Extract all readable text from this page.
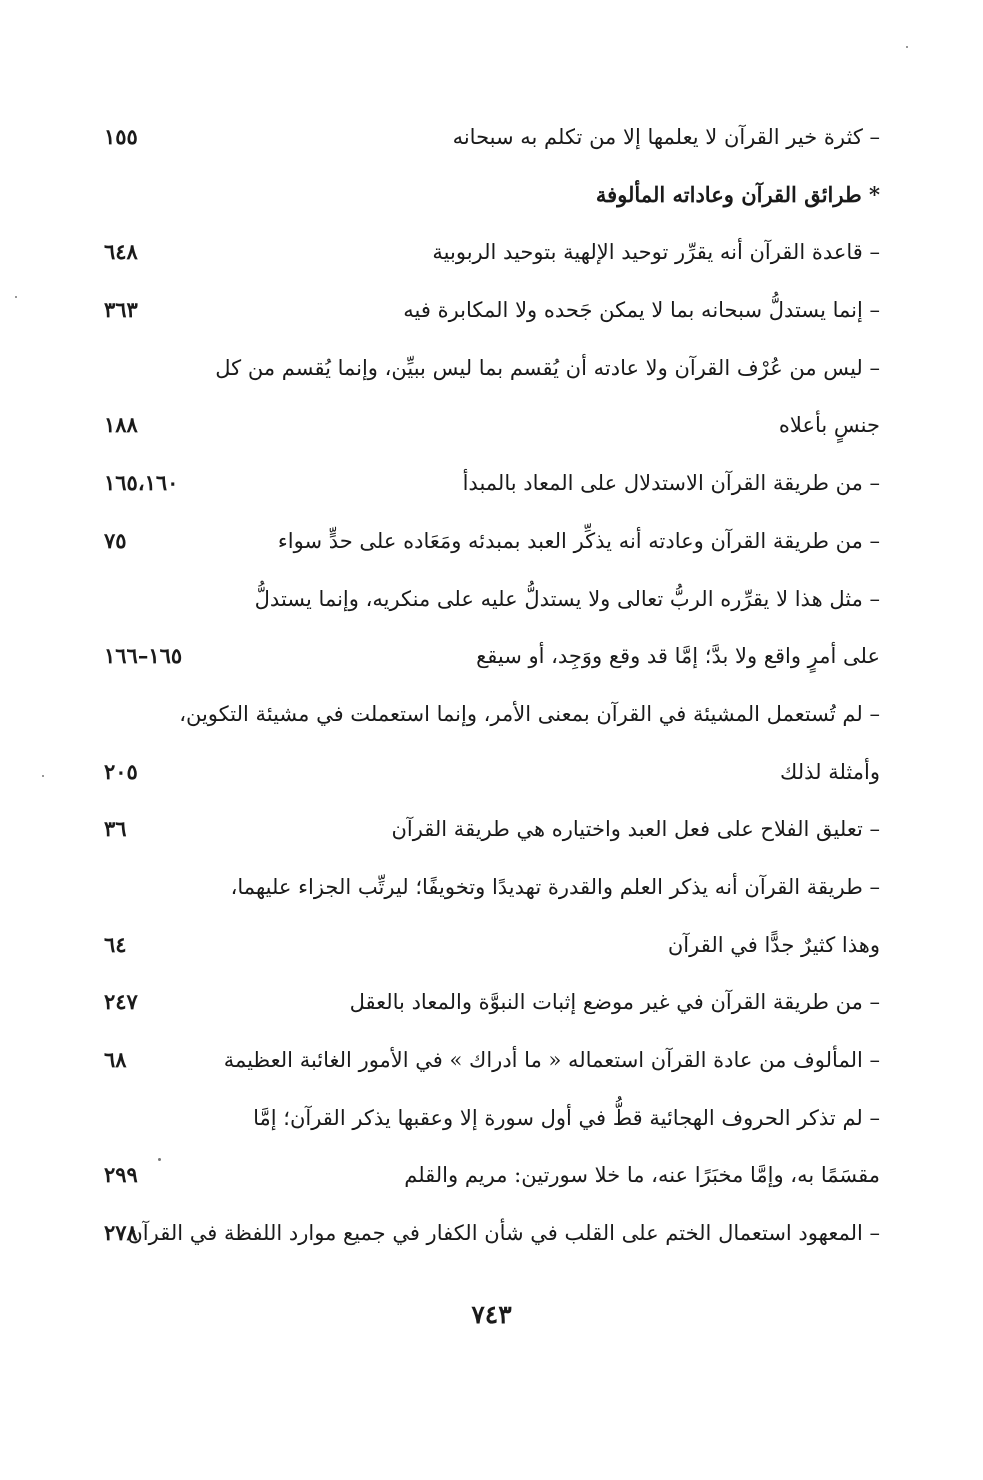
– كثرة خير القرآن لا يعلمها إلا من تكلم به سبحانه
١٥٥
* طرائق القرآن وعاداته المألوفة
– قاعدة القرآن أنه يقرِّر توحيد الإلهية بتوحيد الربوبية
٦٤٨
– إنما يستدلُّ سبحانه بما لا يمكن جَحده ولا المكابرة فيه
٣٦٣
– ليس من عُرْف القرآن ولا عادته أن يُقسم بما ليس ببيِّن، وإنما يُقسم من كل
جنسٍ بأعلاه
١٨٨
– من طريقة القرآن الاستدلال على المعاد بالمبدأ
١٦٥،١٦٠
– من طريقة القرآن وعادته أنه يذكِّر العبد بمبدئه ومَعَاده على حدٍّ سواء
٧٥
– مثل هذا لا يقرِّره الربُّ تعالى ولا يستدلُّ عليه على منكريه، وإنما يستدلُّ
على أمرٍ واقع ولا بدَّ؛ إمَّا قد وقع ووَجِد، أو سيقع
١٦٥–١٦٦
– لم تُستعمل المشيئة في القرآن بمعنى الأمر، وإنما استعملت في مشيئة التكوين،
وأمثلة لذلك
٢٠٥
– تعليق الفلاح على فعل العبد واختياره هي طريقة القرآن
٣٦
– طريقة القرآن أنه يذكر العلم والقدرة تهديدًا وتخويفًا؛ ليرتِّب الجزاء عليهما،
وهذا كثيرٌ جدًّا في القرآن
٦٤
– من طريقة القرآن في غير موضع إثبات النبوَّة والمعاد بالعقل
٢٤٧
– المألوف من عادة القرآن استعماله « ما أدراك » في الأمور الغائبة العظيمة
٦٨
– لم تذكر الحروف الهجائية قطُّ في أول سورة إلا وعقبها يذكر القرآن؛ إمَّا
مقسَمًا به، وإمَّا مخبَرًا عنه، ما خلا سورتين: مريم والقلم
٢٩٩
– المعهود استعمال الختم على القلب في شأن الكفار في جميع موارد اللفظة في القرآن
٢٧٨
٧٤٣
